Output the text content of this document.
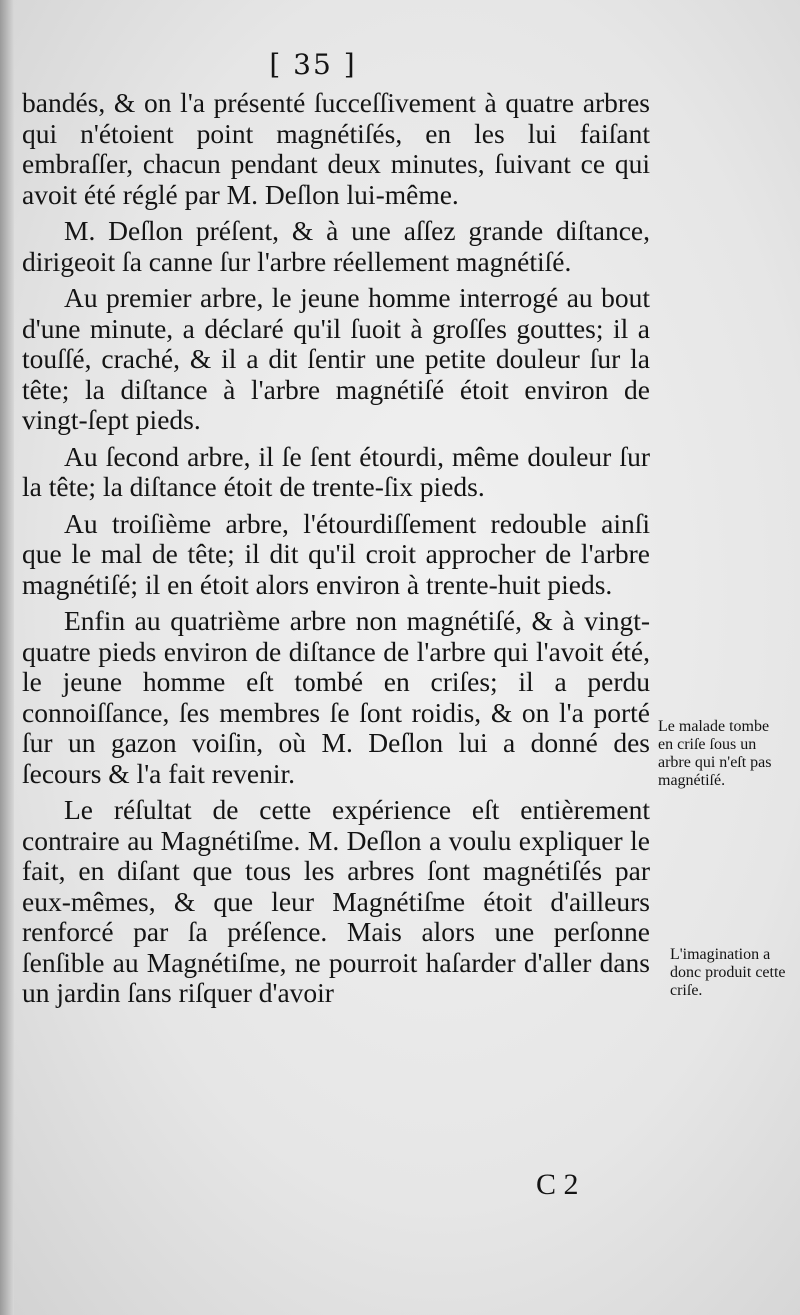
[ 35 ]

bandés, & on l'a présenté ſucceſſivement à quatre arbres qui n'étoient point magnétiſés, en les lui faiſant embraſſer, chacun pendant deux minutes, ſuivant ce qui avoit été réglé par M. Deſlon lui-même.

M. Deſlon préſent, & à une aſſez grande diſtance, dirigeoit ſa canne ſur l'arbre réellement magnétiſé.

Au premier arbre, le jeune homme interrogé au bout d'une minute, a déclaré qu'il ſuoit à groſſes gouttes; il a touſſé, craché, & il a dit ſentir une petite douleur ſur la tête; la diſtance à l'arbre magnétiſé étoit environ de vingt-ſept pieds.

Au ſecond arbre, il ſe ſent étourdi, même douleur ſur la tête; la diſtance étoit de trente-ſix pieds.

Au troiſième arbre, l'étourdiſſement redouble ainſi que le mal de tête; il dit qu'il croit approcher de l'arbre magnétiſé; il en étoit alors environ à trente-huit pieds.

Enfin au quatrième arbre non magnétiſé, & à vingt-quatre pieds environ de diſtance de l'arbre qui l'avoit été, le jeune homme eſt tombé en criſes; il a perdu connoiſſance, ſes membres ſe ſont roidis, & on l'a porté ſur un gazon voiſin, où M. Deſlon lui a donné des ſecours & l'a fait revenir.

Le réſultat de cette expérience eſt entièrement contraire au Magnétiſme. M. Deſlon a voulu expliquer le fait, en diſant que tous les arbres ſont magnétiſés par eux-mêmes, & que leur Magnétiſme étoit d'ailleurs renforcé par ſa préſence. Mais alors une perſonne ſenſible au Magnétiſme, ne pourroit haſarder d'aller dans un jardin ſans riſquer d'avoir

Le malade tombe en criſe ſous un arbre qui n'eſt pas magnétiſé.
L'imagination a donc produit cette criſe.
C 2
